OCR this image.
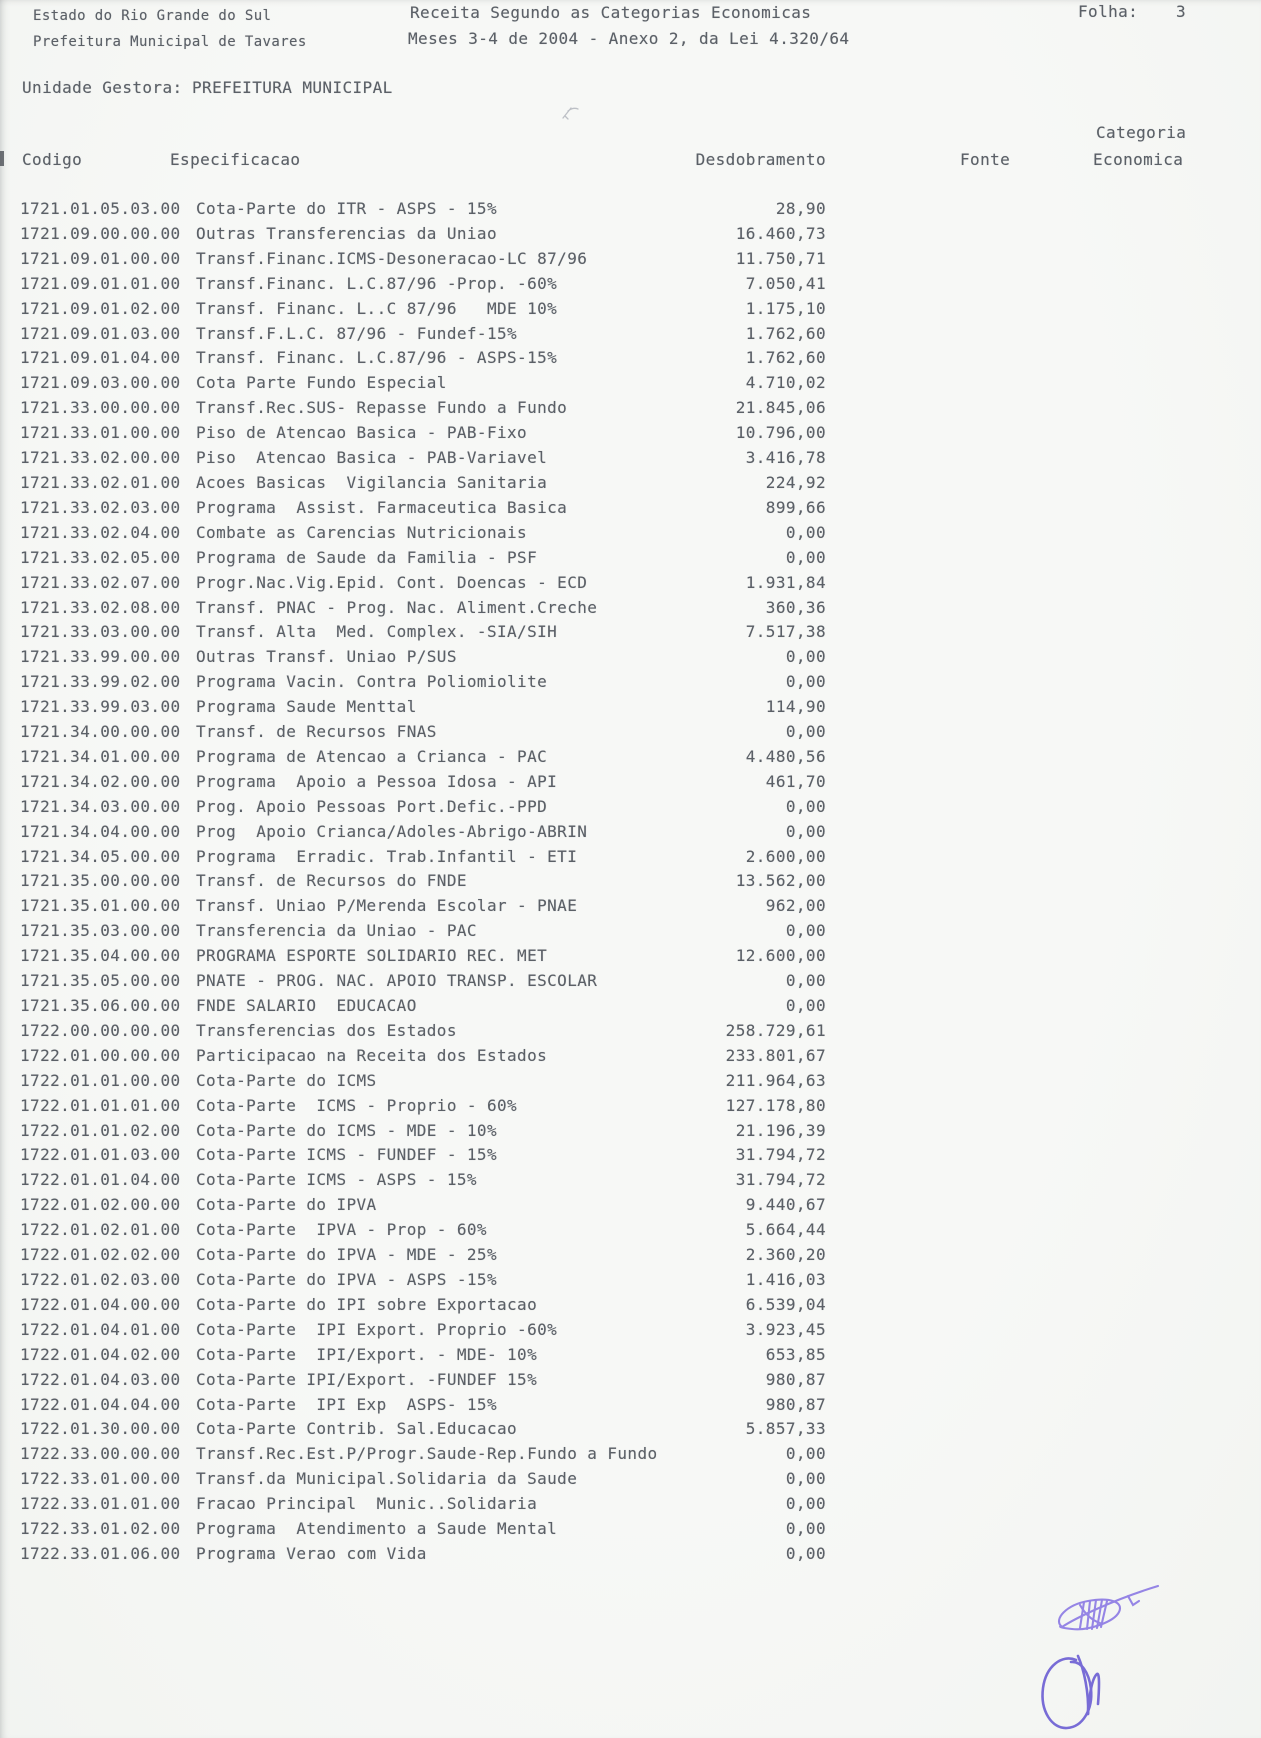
Estado do Rio Grande do Sul
Prefeitura Municipal de Tavares
Receita Segundo as Categorias Economicas
Meses 3-4 de 2004 - Anexo 2, da Lei 4.320/64
Folha: 3
Unidade Gestora: PREFEITURA MUNICIPAL
Categoria
Codigo	Especificacao	Desdobramento	Fonte	Economica
1721.01.05.03.00 Cota-Parte do ITR - ASPS - 15%	28,90
1721.09.00.00.00 Outras Transferencias da Uniao	16.460,73
1721.09.01.00.00 Transf.Financ.ICMS-Desoneracao-LC 87/96	11.750,71
1721.09.01.01.00 Transf.Financ. L.C.87/96 -Prop. -60%	7.050,41
1721.09.01.02.00 Transf. Financ. L..C 87/96   MDE 10%	1.175,10
1721.09.01.03.00 Transf.F.L.C. 87/96 - Fundef-15%	1.762,60
1721.09.01.04.00 Transf. Financ. L.C.87/96 - ASPS-15%	1.762,60
1721.09.03.00.00 Cota Parte Fundo Especial	4.710,02
1721.33.00.00.00 Transf.Rec.SUS- Repasse Fundo a Fundo	21.845,06
1721.33.01.00.00 Piso de Atencao Basica - PAB-Fixo	10.796,00
1721.33.02.00.00 Piso  Atencao Basica - PAB-Variavel	3.416,78
1721.33.02.01.00 Acoes Basicas  Vigilancia Sanitaria	224,92
1721.33.02.03.00 Programa  Assist. Farmaceutica Basica	899,66
1721.33.02.04.00 Combate as Carencias Nutricionais	0,00
1721.33.02.05.00 Programa de Saude da Familia - PSF	0,00
1721.33.02.07.00 Progr.Nac.Vig.Epid. Cont. Doencas - ECD	1.931,84
1721.33.02.08.00 Transf. PNAC - Prog. Nac. Aliment.Creche	360,36
1721.33.03.00.00 Transf. Alta  Med. Complex. -SIA/SIH	7.517,38
1721.33.99.00.00 Outras Transf. Uniao P/SUS	0,00
1721.33.99.02.00 Programa Vacin. Contra Poliomiolite	0,00
1721.33.99.03.00 Programa Saude Menttal	114,90
1721.34.00.00.00 Transf. de Recursos FNAS	0,00
1721.34.01.00.00 Programa de Atencao a Crianca - PAC	4.480,56
1721.34.02.00.00 Programa  Apoio a Pessoa Idosa - API	461,70
1721.34.03.00.00 Prog. Apoio Pessoas Port.Defic.-PPD	0,00
1721.34.04.00.00 Prog  Apoio Crianca/Adoles-Abrigo-ABRIN	0,00
1721.34.05.00.00 Programa  Erradic. Trab.Infantil - ETI	2.600,00
1721.35.00.00.00 Transf. de Recursos do FNDE	13.562,00
1721.35.01.00.00 Transf. Uniao P/Merenda Escolar - PNAE	962,00
1721.35.03.00.00 Transferencia da Uniao - PAC	0,00
1721.35.04.00.00 PROGRAMA ESPORTE SOLIDARIO REC. MET	12.600,00
1721.35.05.00.00 PNATE - PROG. NAC. APOIO TRANSP. ESCOLAR	0,00
1721.35.06.00.00 FNDE SALARIO  EDUCACAO	0,00
1722.00.00.00.00 Transferencias dos Estados	258.729,61
1722.01.00.00.00 Participacao na Receita dos Estados	233.801,67
1722.01.01.00.00 Cota-Parte do ICMS	211.964,63
1722.01.01.01.00 Cota-Parte  ICMS - Proprio - 60%	127.178,80
1722.01.01.02.00 Cota-Parte do ICMS - MDE - 10%	21.196,39
1722.01.01.03.00 Cota-Parte ICMS - FUNDEF - 15%	31.794,72
1722.01.01.04.00 Cota-Parte ICMS - ASPS - 15%	31.794,72
1722.01.02.00.00 Cota-Parte do IPVA	9.440,67
1722.01.02.01.00 Cota-Parte  IPVA - Prop - 60%	5.664,44
1722.01.02.02.00 Cota-Parte do IPVA - MDE - 25%	2.360,20
1722.01.02.03.00 Cota-Parte do IPVA - ASPS -15%	1.416,03
1722.01.04.00.00 Cota-Parte do IPI sobre Exportacao	6.539,04
1722.01.04.01.00 Cota-Parte  IPI Export. Proprio -60%	3.923,45
1722.01.04.02.00 Cota-Parte  IPI/Export. - MDE- 10%	653,85
1722.01.04.03.00 Cota-Parte IPI/Export. -FUNDEF 15%	980,87
1722.01.04.04.00 Cota-Parte  IPI Exp  ASPS- 15%	980,87
1722.01.30.00.00 Cota-Parte Contrib. Sal.Educacao	5.857,33
1722.33.00.00.00 Transf.Rec.Est.P/Progr.Saude-Rep.Fundo a Fundo	0,00
1722.33.01.00.00 Transf.da Municipal.Solidaria da Saude	0,00
1722.33.01.01.00 Fracao Principal  Munic..Solidaria	0,00
1722.33.01.02.00 Programa  Atendimento a Saude Mental	0,00
1722.33.01.06.00 Programa Verao com Vida	0,00
